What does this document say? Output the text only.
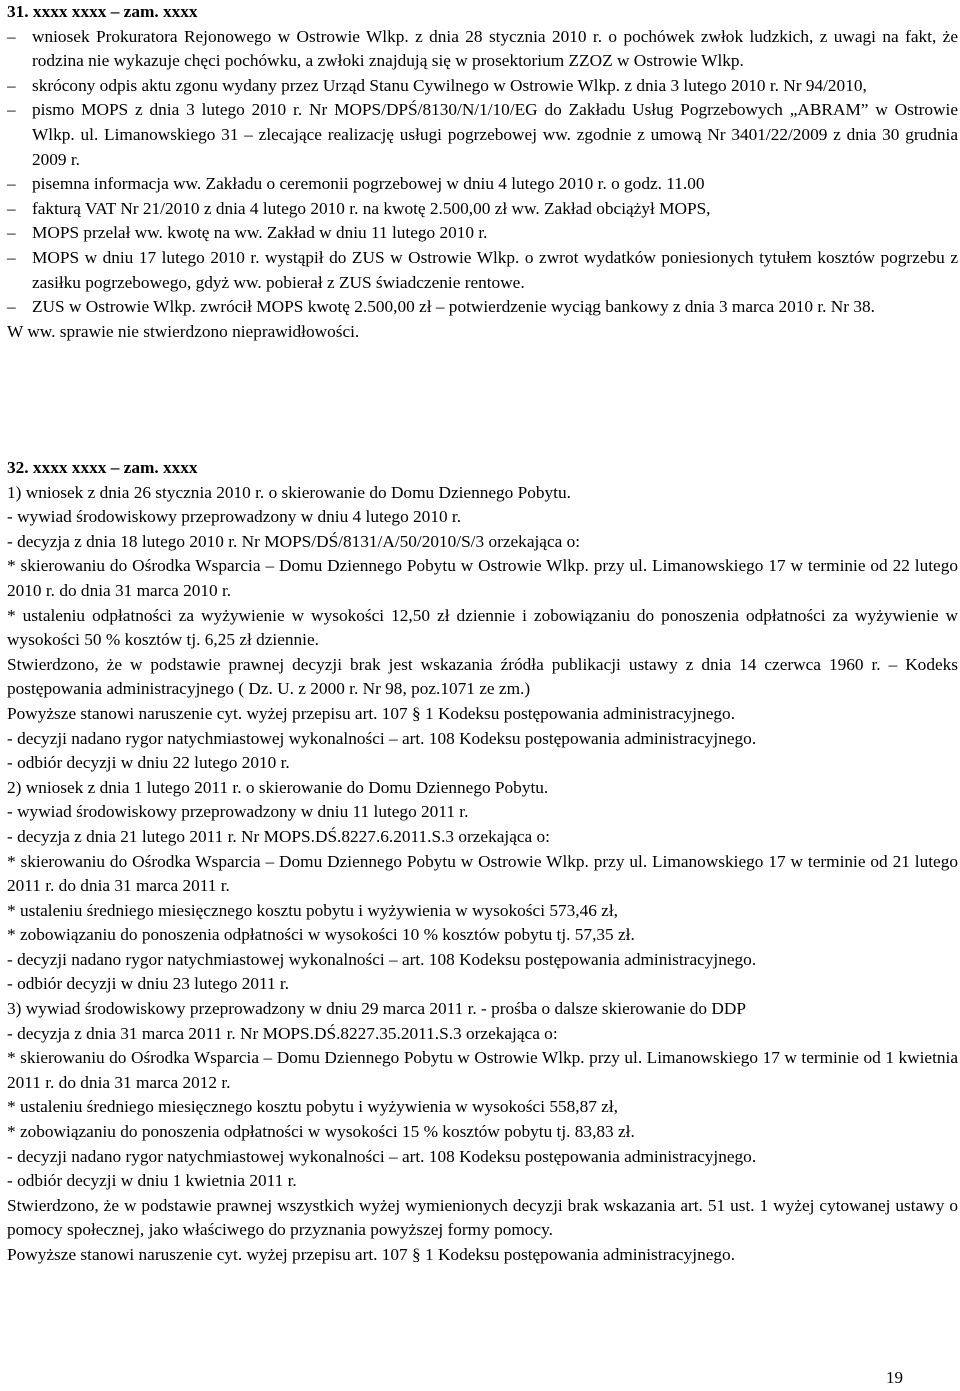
31. xxxx xxxx – zam. xxxx
– wniosek Prokuratora Rejonowego w Ostrowie Wlkp. z dnia 28 stycznia 2010 r. o pochówek zwłok ludzkich, z uwagi na fakt, że rodzina nie wykazuje chęci pochówku, a zwłoki znajdują się w prosektorium ZZOZ w Ostrowie Wlkp.
– skrócony odpis aktu zgonu wydany przez Urząd Stanu Cywilnego w Ostrowie Wlkp. z dnia 3 lutego 2010 r. Nr 94/2010,
– pismo MOPS z dnia 3 lutego 2010 r. Nr MOPS/DPŚ/8130/N/1/10/EG do Zakładu Usług Pogrzebowych „ABRAM” w Ostrowie Wlkp. ul. Limanowskiego 31 – zlecające realizację usługi pogrzebowej ww. zgodnie z umową Nr 3401/22/2009 z dnia 30 grudnia 2009 r.
– pisemna informacja ww. Zakładu o ceremonii pogrzebowej w dniu 4 lutego 2010 r. o godz. 11.00
– fakturą VAT Nr 21/2010 z dnia 4 lutego 2010 r. na kwotę 2.500,00 zł ww. Zakład obciążył MOPS,
– MOPS przelał ww. kwotę na ww. Zakład w dniu 11 lutego 2010 r.
– MOPS w dniu 17 lutego 2010 r. wystąpił do ZUS w Ostrowie Wlkp. o zwrot wydatków poniesionych tytułem kosztów pogrzebu z zasiłku pogrzebowego, gdyż ww. pobierał z ZUS świadczenie rentowe.
– ZUS w Ostrowie Wlkp. zwrócił MOPS kwotę 2.500,00 zł – potwierdzenie wyciąg bankowy z dnia 3 marca 2010 r. Nr 38.
W ww. sprawie nie stwierdzono nieprawidłowości.
32. xxxx xxxx – zam. xxxx
1) wniosek z dnia 26 stycznia 2010 r. o skierowanie do Domu Dziennego Pobytu.
- wywiad środowiskowy przeprowadzony w dniu 4 lutego 2010 r.
- decyzja z dnia 18 lutego 2010 r. Nr MOPS/DŚ/8131/A/50/2010/S/3 orzekająca o:
* skierowaniu do Ośrodka Wsparcia – Domu Dziennego Pobytu w Ostrowie Wlkp. przy ul. Limanowskiego 17 w terminie od 22 lutego 2010 r. do dnia 31 marca 2010 r.
* ustaleniu odpłatności za wyżywienie w wysokości 12,50 zł dziennie i zobowiązaniu do ponoszenia odpłatności za wyżywienie w wysokości 50 % kosztów tj. 6,25 zł dziennie.
Stwierdzono, że w podstawie prawnej decyzji brak jest wskazania źródła publikacji ustawy z dnia 14 czerwca 1960 r. – Kodeks postępowania administracyjnego ( Dz. U. z 2000 r. Nr 98, poz.1071 ze zm.)
Powyższe stanowi naruszenie cyt. wyżej przepisu art. 107 § 1 Kodeksu postępowania administracyjnego.
- decyzji nadano rygor natychmiastowej wykonalności – art. 108 Kodeksu postępowania administracyjnego.
- odbiór decyzji w dniu 22 lutego 2010 r.
2) wniosek z dnia 1 lutego 2011 r. o skierowanie do Domu Dziennego Pobytu.
- wywiad środowiskowy przeprowadzony w dniu 11 lutego 2011 r.
- decyzja z dnia 21 lutego 2011 r. Nr MOPS.DŚ.8227.6.2011.S.3 orzekająca o:
* skierowaniu do Ośrodka Wsparcia – Domu Dziennego Pobytu w Ostrowie Wlkp. przy ul. Limanowskiego 17 w terminie od 21 lutego 2011 r. do dnia 31 marca 2011 r.
* ustaleniu średniego miesięcznego kosztu pobytu i wyżywienia w wysokości 573,46 zł,
* zobowiązaniu do ponoszenia odpłatności w wysokości 10 % kosztów pobytu tj. 57,35 zł.
- decyzji nadano rygor natychmiastowej wykonalności – art. 108 Kodeksu postępowania administracyjnego.
- odbiór decyzji w dniu 23 lutego 2011 r.
3) wywiad środowiskowy przeprowadzony w dniu 29 marca 2011 r. - prośba o dalsze skierowanie do DDP
- decyzja z dnia 31 marca 2011 r. Nr MOPS.DŚ.8227.35.2011.S.3 orzekająca o:
* skierowaniu do Ośrodka Wsparcia – Domu Dziennego Pobytu w Ostrowie Wlkp. przy ul. Limanowskiego 17 w terminie od 1 kwietnia 2011 r. do dnia 31 marca 2012 r.
* ustaleniu średniego miesięcznego kosztu pobytu i wyżywienia w wysokości 558,87 zł,
* zobowiązaniu do ponoszenia odpłatności w wysokości 15 % kosztów pobytu tj. 83,83 zł.
- decyzji nadano rygor natychmiastowej wykonalności – art. 108 Kodeksu postępowania administracyjnego.
- odbiór decyzji w dniu 1 kwietnia 2011 r.
Stwierdzono, że w podstawie prawnej wszystkich wyżej wymienionych decyzji brak wskazania art. 51 ust. 1 wyżej cytowanej ustawy o pomocy społecznej, jako właściwego do przyznania powyższej formy pomocy.
Powyższe stanowi naruszenie cyt. wyżej przepisu art. 107 § 1 Kodeksu postępowania administracyjnego.
19
